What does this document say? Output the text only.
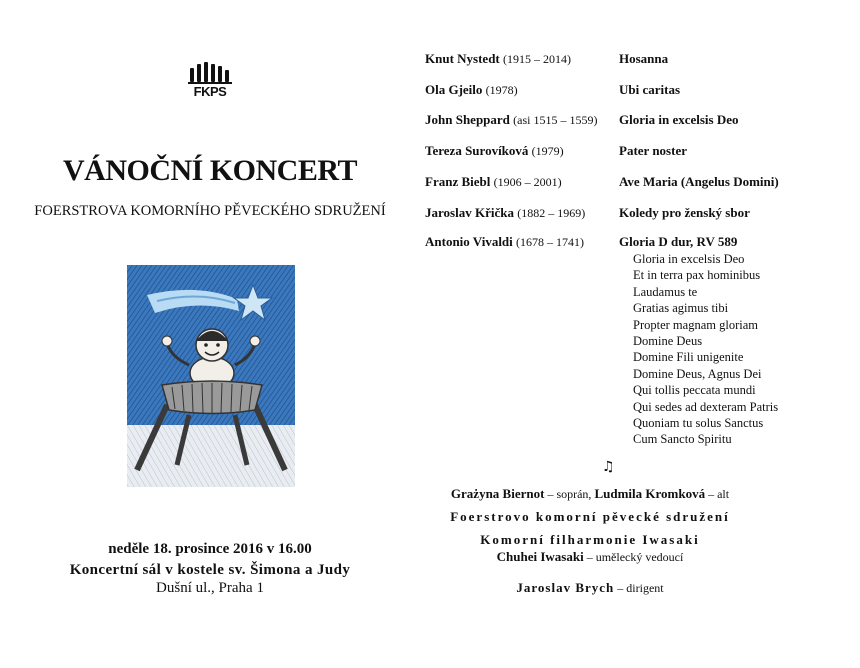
FKPS
VÁNOČNÍ KONCERT
FOERSTROVA KOMORNÍHO PĚVECKÉHO SDRUŽENÍ
neděle 18. prosince 2016 v 16.00
Koncertní sál v kostele sv. Šimona a Judy
Dušní ul., Praha 1
Knut Nystedt (1915 – 2014)	Hosanna
Ola Gjeilo (1978)	Ubi caritas
John Sheppard (asi 1515 – 1559) Gloria in excelsis Deo
Tereza Surovíková (1979)	Pater noster
Franz Biebl (1906 – 2001)	Ave Maria (Angelus Domini)
Jaroslav Křička (1882 – 1969)	Koledy pro ženský sbor
Antonio Vivaldi (1678 – 1741)	Gloria D dur, RV 589
Gloria in excelsis Deo
Et in terra pax hominibus
Laudamus te
Gratias agimus tibi
Propter magnam gloriam
Domine Deus
Domine Fili unigenite
Domine Deus, Agnus Dei
Qui tollis peccata mundi
Qui sedes ad dexteram Patris
Quoniam tu solus Sanctus
Cum Sancto Spiritu
♫
Grażyna Biernot – soprán, Ludmila Kromková – alt
Foerstrovo komorní pěvecké sdružení
Komorní filharmonie Iwasaki
Chuhei Iwasaki – umělecký vedoucí
Jaroslav Brych – dirigent
